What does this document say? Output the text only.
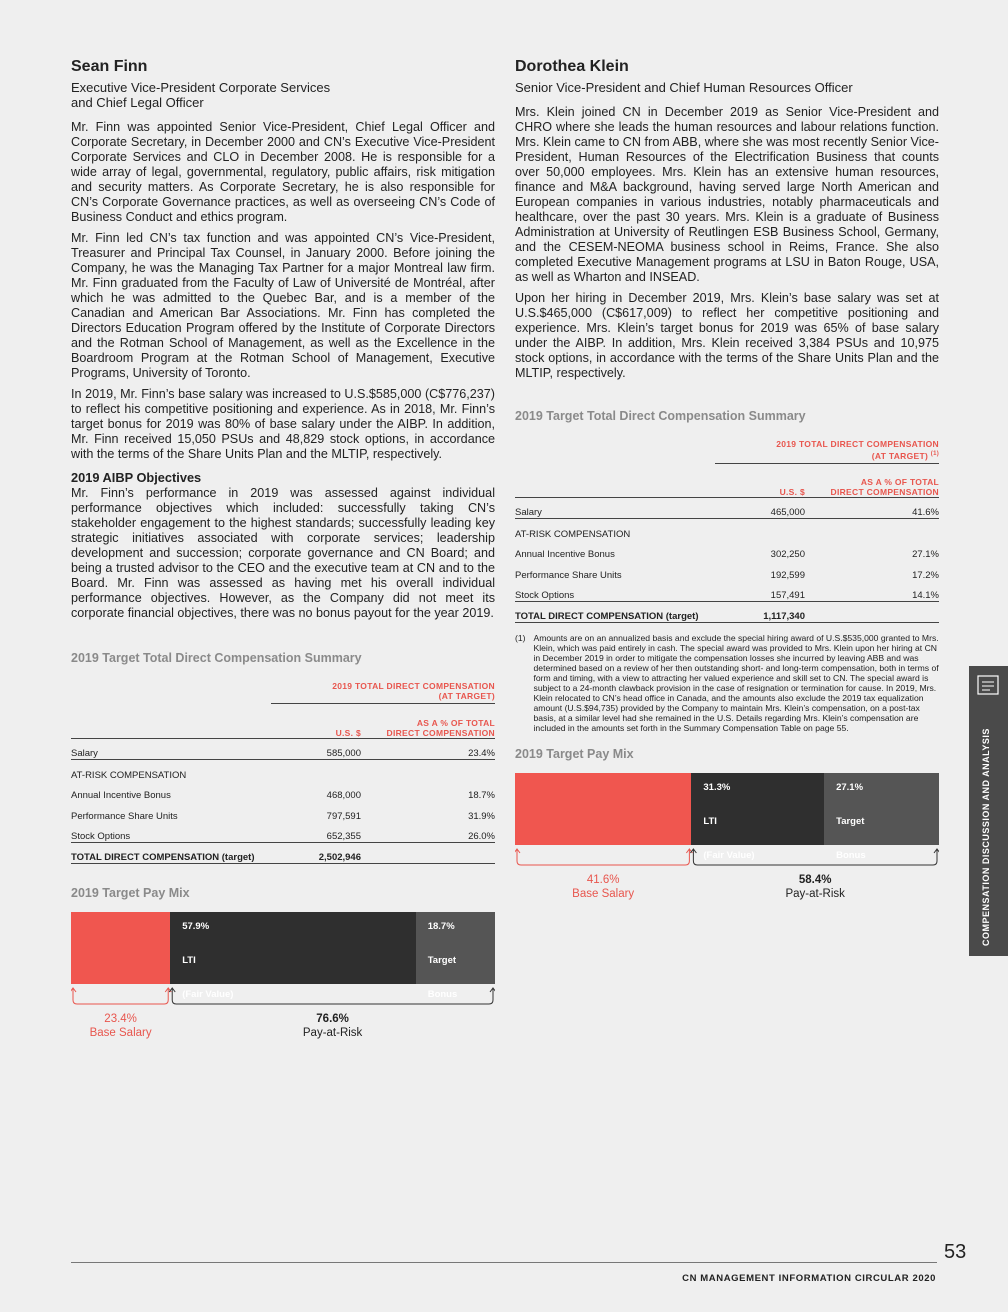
Sean Finn
Executive Vice-President Corporate Services
and Chief Legal Officer

Mr. Finn was appointed Senior Vice-President, Chief Legal Officer and Corporate Secretary, in December 2000 and CN’s Executive Vice-President Corporate Services and CLO in December 2008. He is responsible for a wide array of legal, governmental, regulatory, public affairs, risk mitigation and security matters. As Corporate Secretary, he is also responsible for CN’s Corporate Governance practices, as well as overseeing CN’s Code of Business Conduct and ethics program.

Mr. Finn led CN’s tax function and was appointed CN’s Vice-President, Treasurer and Principal Tax Counsel, in January 2000. Before joining the Company, he was the Managing Tax Partner for a major Montreal law firm. Mr. Finn graduated from the Faculty of Law of Université de Montréal, after which he was admitted to the Quebec Bar, and is a member of the Canadian and American Bar Associations. Mr. Finn has completed the Directors Education Program offered by the Institute of Corporate Directors and the Rotman School of Management, as well as the Excellence in the Boardroom Program at the Rotman School of Management, Executive Programs, University of Toronto.

In 2019, Mr. Finn’s base salary was increased to U.S.$585,000 (C$776,237) to reflect his competitive positioning and experience. As in 2018, Mr. Finn’s target bonus for 2019 was 80% of base salary under the AIBP. In addition, Mr. Finn received 15,050 PSUs and 48,829 stock options, in accordance with the terms of the Share Units Plan and the MLTIP, respectively.

2019 AIBP Objectives

Mr. Finn’s performance in 2019 was assessed against individual performance objectives which included: successfully taking CN’s stakeholder engagement to the highest standards; successfully leading key strategic initiatives associated with corporate services; leadership development and succession; corporate governance and CN Board; and being a trusted advisor to the CEO and the executive team at CN and to the Board. Mr. Finn was assessed as having met his overall individual performance objectives. However, as the Company did not meet its corporate financial objectives, there was no bonus payout for the year 2019.

2019 Target Total Direct Compensation Summary
	2019 TOTAL DIRECT COMPENSATION
(AT TARGET)	
	U.S. $	AS A % OF TOTAL
DIRECT COMPENSATION
Salary	585,000	23.4%
AT-RISK COMPENSATION		
Annual Incentive Bonus	468,000	18.7%
Performance Share Units	797,591	31.9%
Stock Options	652,355	26.0%
TOTAL DIRECT COMPENSATION (target)	2,502,946	
2019 Target Pay Mix
57.9%

LTI

(Fair Value)
18.7%

Target

Bonus
23.4%
Base Salary
76.6%
Pay-at-Risk
Dorothea Klein
Senior Vice-President and Chief Human Resources Officer

Mrs. Klein joined CN in December 2019 as Senior Vice-President and CHRO where she leads the human resources and labour relations function. Mrs. Klein came to CN from ABB, where she was most recently Senior Vice-President, Human Resources of the Electrification Business that counts over 50,000 employees. Mrs. Klein has an extensive human resources, finance and M&A background, having served large North American and European companies in various industries, notably pharmaceuticals and healthcare, over the past 30 years. Mrs. Klein is a graduate of Business Administration at University of Reutlingen ESB Business School, Germany, and the CESEM-NEOMA business school in Reims, France. She also completed Executive Management programs at LSU in Baton Rouge, USA, as well as Wharton and INSEAD.

Upon her hiring in December 2019, Mrs. Klein’s base salary was set at U.S.$465,000 (C$617,009) to reflect her competitive positioning and experience. Mrs. Klein’s target bonus for 2019 was 65% of base salary under the AIBP. In addition, Mrs. Klein received 3,384 PSUs and 10,975 stock options, in accordance with the terms of the Share Units Plan and the MLTIP, respectively.

2019 Target Total Direct Compensation Summary
	2019 TOTAL DIRECT COMPENSATION
(AT TARGET) $^{(1)}$
	U.S. $	AS A % OF TOTAL
DIRECT COMPENSATION
Salary	465,000	41.6%
AT-RISK COMPENSATION		
Annual Incentive Bonus	302,250	27.1%
Performance Share Units	192,599	17.2%
Stock Options	157,491	14.1%
TOTAL DIRECT COMPENSATION (target)	1,117,340	
(1) Amounts are on an annualized basis and exclude the special hiring award of U.S.$535,000 granted to Mrs. Klein, which was paid entirely in cash. The special award was provided to Mrs. Klein upon her hiring at CN in December 2019 in order to mitigate the compensation losses she incurred by leaving ABB and was determined based on a review of her then outstanding short- and long-term compensation, both in terms of form and timing, with a view to attracting her valued experience and skill set to CN. The special award is subject to a 24-month clawback provision in the case of resignation or termination for cause. In 2019, Mrs. Klein relocated to CN’s head office in Canada, and the amounts also exclude the 2019 tax equalization amount (U.S.$94,735) provided by the Company to maintain Mrs. Klein’s compensation, on a post-tax basis, at a similar level had she remained in the U.S. Details regarding Mrs. Klein’s compensation are included in the amounts set forth in the Summary Compensation Table on page 55.
2019 Target Pay Mix
31.3%

LTI

(Fair Value)
27.1%

Target

Bonus
41.6%
Base Salary
58.4%
Pay-at-Risk	COMPENSATION DISCUSSION AND ANALYSIS
53
CN MANAGEMENT INFORMATION CIRCULAR 2020
